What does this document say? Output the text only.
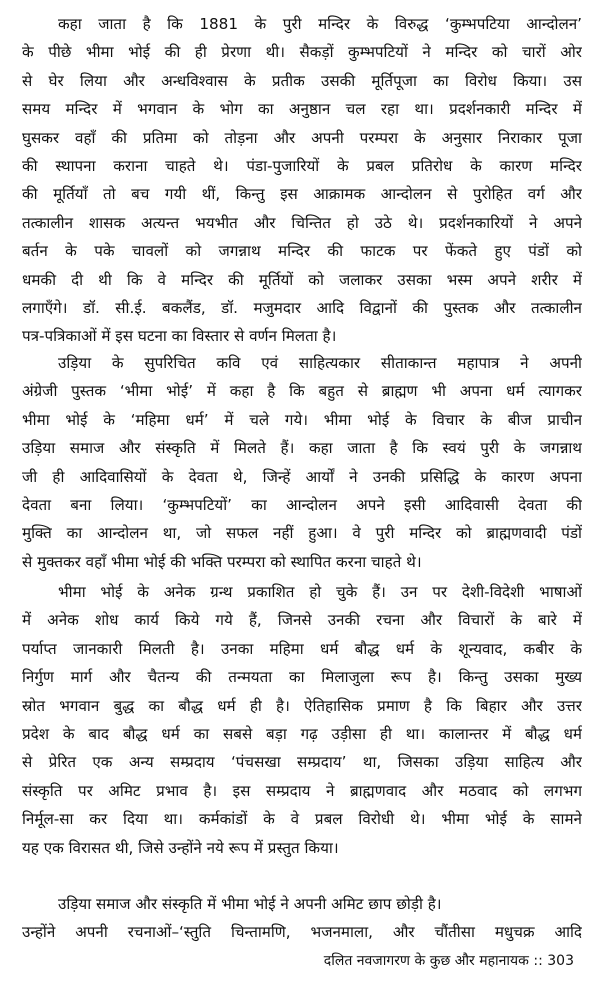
कहा जाता है कि 1881 के पुरी मन्दिर के विरुद्ध ‘कुम्भपटिया आन्दोलन’
के पीछे भीमा भोई की ही प्रेरणा थी। सैकड़ों कुम्भपटियों ने मन्दिर को चारों ओर
से घेर लिया और अन्धविश्वास के प्रतीक उसकी मूर्तिपूजा का विरोध किया। उस
समय मन्दिर में भगवान के भोग का अनुष्ठान चल रहा था। प्रदर्शनकारी मन्दिर में
घुसकर वहाँ की प्रतिमा को तोड़ना और अपनी परम्परा के अनुसार निराकार पूजा
की स्थापना कराना चाहते थे। पंडा-पुजारियों के प्रबल प्रतिरोध के कारण मन्दिर
की मूर्तियाँ तो बच गयी थीं, किन्तु इस आक्रामक आन्दोलन से पुरोहित वर्ग और
तत्कालीन शासक अत्यन्त भयभीत और चिन्तित हो उठे थे। प्रदर्शनकारियों ने अपने
बर्तन के पके चावलों को जगन्नाथ मन्दिर की फाटक पर फेंकते हुए पंडों को
धमकी दी थी कि वे मन्दिर की मूर्तियों को जलाकर उसका भस्म अपने शरीर में
लगाएँगे। डॉ. सी.ई. बकलैंड, डॉ. मजुमदार आदि विद्वानों की पुस्तक और तत्कालीन
पत्र-पत्रिकाओं में इस घटना का विस्तार से वर्णन मिलता है।
उड़िया के सुपरिचित कवि एवं साहित्यकार सीताकान्त महापात्र ने अपनी
अंग्रेजी पुस्तक ‘भीमा भोई’ में कहा है कि बहुत से ब्राह्मण भी अपना धर्म त्यागकर
भीमा भोई के ‘महिमा धर्म’ में चले गये। भीमा भोई के विचार के बीज प्राचीन
उड़िया समाज और संस्कृति में मिलते हैं। कहा जाता है कि स्वयं पुरी के जगन्नाथ
जी ही आदिवासियों के देवता थे, जिन्हें आर्यों ने उनकी प्रसिद्धि के कारण अपना
देवता बना लिया। ‘कुम्भपटियों’ का आन्दोलन अपने इसी आदिवासी देवता की
मुक्ति का आन्दोलन था, जो सफल नहीं हुआ। वे पुरी मन्दिर को ब्राह्मणवादी पंडों
से मुक्तकर वहाँ भीमा भोई की भक्ति परम्परा को स्थापित करना चाहते थे।
भीमा भोई के अनेक ग्रन्थ प्रकाशित हो चुके हैं। उन पर देशी-विदेशी भाषाओं
में अनेक शोध कार्य किये गये हैं, जिनसे उनकी रचना और विचारों के बारे में
पर्याप्त जानकारी मिलती है। उनका महिमा धर्म बौद्ध धर्म के शून्यवाद, कबीर के
निर्गुण मार्ग और चैतन्य की तन्मयता का मिलाजुला रूप है। किन्तु उसका मुख्य
स्रोत भगवान बुद्ध का बौद्ध धर्म ही है। ऐतिहासिक प्रमाण है कि बिहार और उत्तर
प्रदेश के बाद बौद्ध धर्म का सबसे बड़ा गढ़ उड़ीसा ही था। कालान्तर में बौद्ध धर्म
से प्रेरित एक अन्य सम्प्रदाय ‘पंचसखा सम्प्रदाय’ था, जिसका उड़िया साहित्य और
संस्कृति पर अमिट प्रभाव है। इस सम्प्रदाय ने ब्राह्मणवाद और मठवाद को लगभग
निर्मूल-सा कर दिया था। कर्मकांडों के वे प्रबल विरोधी थे। भीमा भोई के सामने
यह एक विरासत थी, जिसे उन्होंने नये रूप में प्रस्तुत किया।
उड़िया समाज और संस्कृति में भीमा भोई ने अपनी अमिट छाप छोड़ी है।
उन्होंने अपनी रचनाओं–‘स्तुति चिन्तामणि, भजनमाला, और चौंतीसा मधुचक्र आदि
दलित नवजागरण के कुछ और महानायक :: 303
